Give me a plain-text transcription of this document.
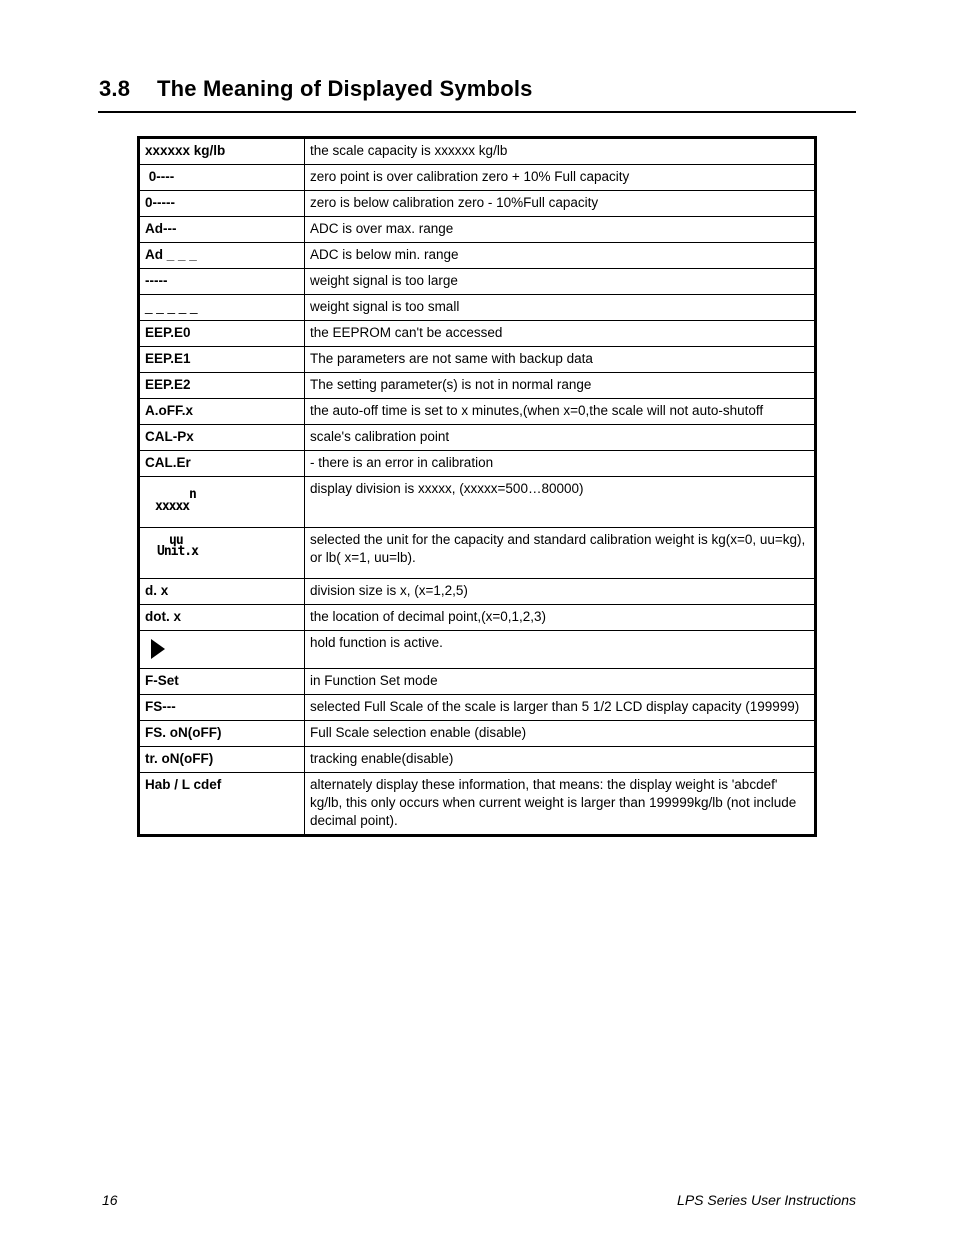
3.8 The Meaning of Displayed Symbols
xxxxxx kg/lb	the scale capacity is xxxxxx kg/lb
0----	zero point is over calibration zero + 10% Full capacity
0-----	zero is below calibration zero - 10%Full capacity
Ad---	ADC is over max. range
Ad _ _ _	ADC is below min. range
-----	weight signal is too large
_ _ _ _ _	weight signal is too small
EEP.E0	the EEPROM can't be accessed
EEP.E1	The parameters are not same with backup data
EEP.E2	The setting parameter(s) is not in normal range
A.oFF.x	the auto-off time is set to x minutes,(when x=0,the scale will not auto-shutoff
CAL-Px	scale's calibration point
CAL.Er	- there is an error in calibration

n
xxxxx	display division is xxxxx, (xxxxx=500…80000)

uu
Unit.x	selected the unit for the capacity and standard calibration weight is kg(x=0, uu=kg), or lb( x=1, uu=lb).
d. x	division size is x, (x=1,2,5)
dot. x	the location of decimal point,(x=0,1,2,3)
	hold function is active.
F-Set	in Function Set mode
FS---	selected Full Scale of the scale is larger than 5 1/2 LCD display capacity (199999)
FS. oN(oFF)	Full Scale selection enable (disable)
tr. oN(oFF)	tracking enable(disable)
Hab / L cdef	alternately display these information, that means: the display weight is 'abcdef' kg/lb, this only occurs when current weight is larger than 199999kg/lb (not include decimal point).
16	LPS Series User Instructions
